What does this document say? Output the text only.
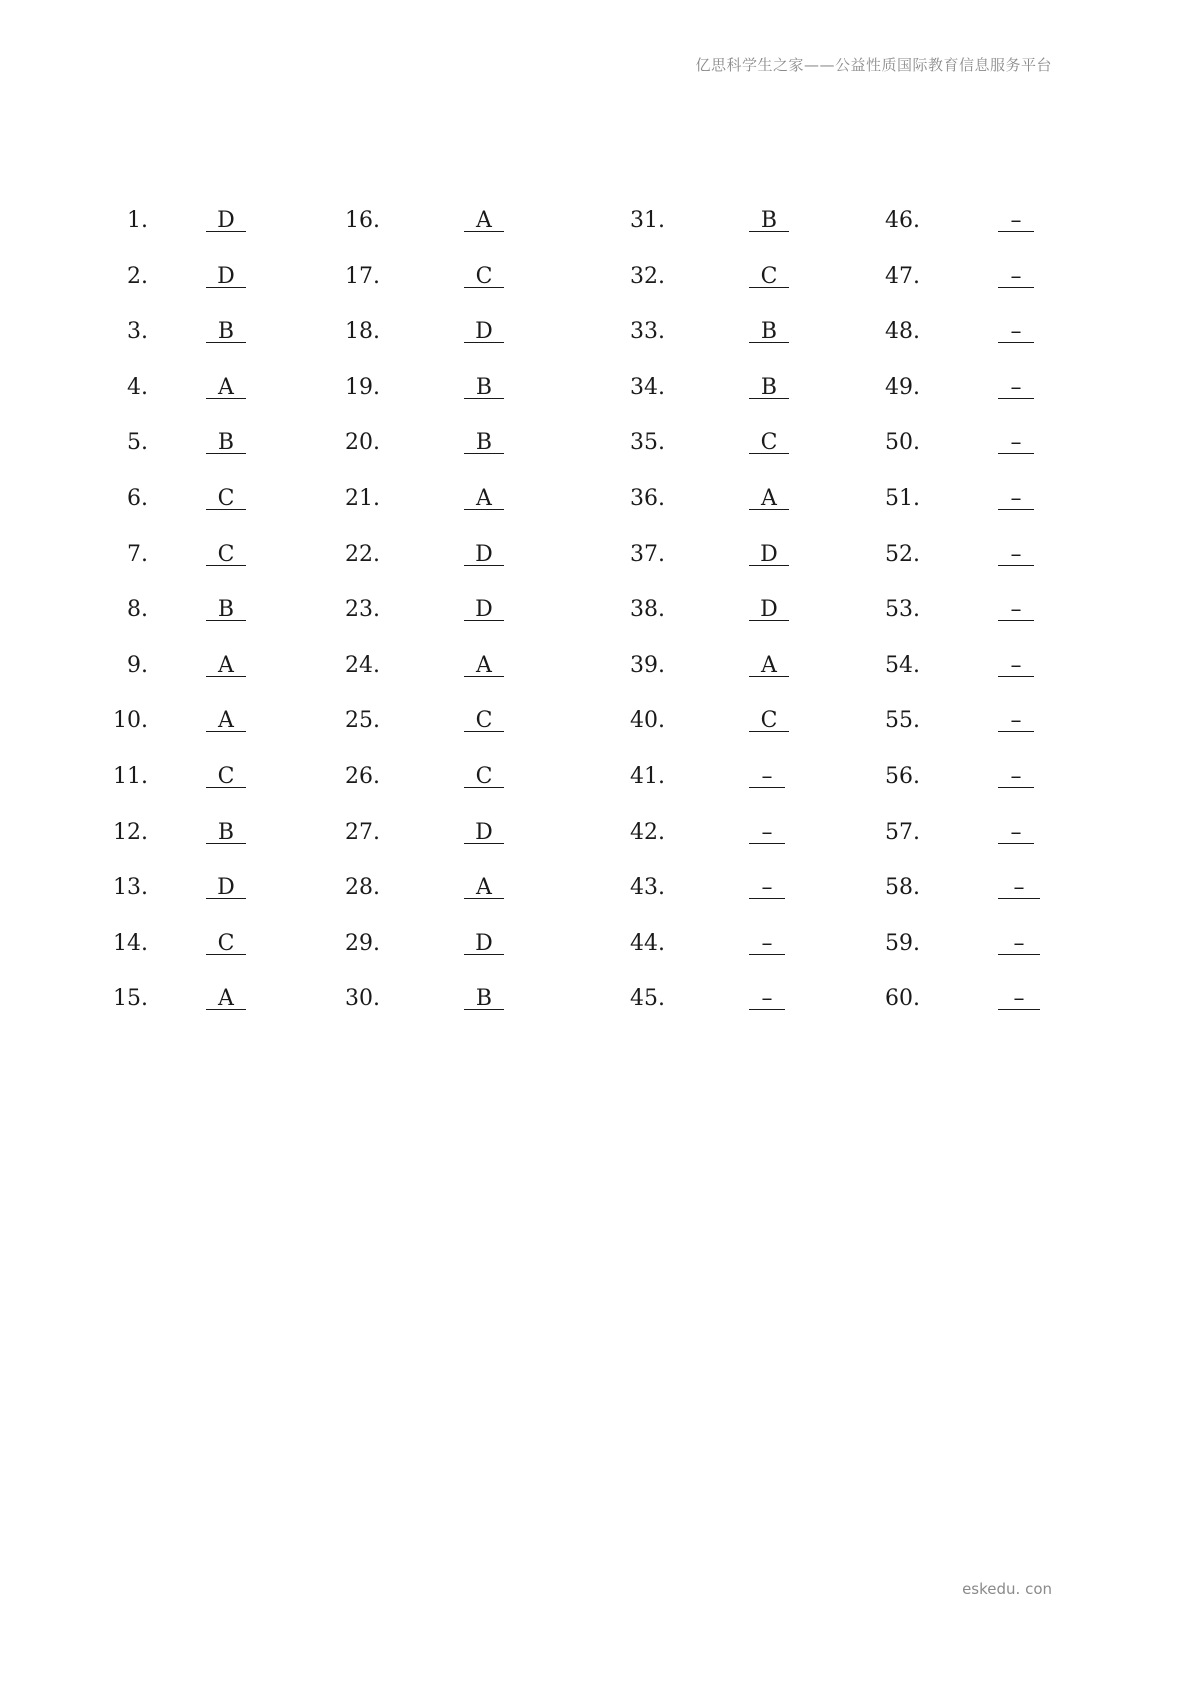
亿思科学生之家——公益性质国际教育信息服务平台
1.	D
2.	D
3.	B
4.	A
5.	B
6.	C
7.	C
8.	B
9.	A
10.	A
11.	C
12.	B
13.	D
14.	C
15.	A
16.	A
17.	C
18.	D
19.	B
20.	B
21.	A
22.	D
23.	D
24.	A
25.	C
26.	C
27.	D
28.	A
29.	D
30.	B
31.	B
32.	C
33.	B
34.	B
35.	C
36.	A
37.	D
38.	D
39.	A
40.	C
41.	–
42.	–
43.	–
44.	–
45.	–
46.	–
47.	–
48.	–
49.	–
50.	–
51.	–
52.	–
53.	–
54.	–
55.	–
56.	–
57.	–
58.	–
59.	–
60.	–
eskedu. con
